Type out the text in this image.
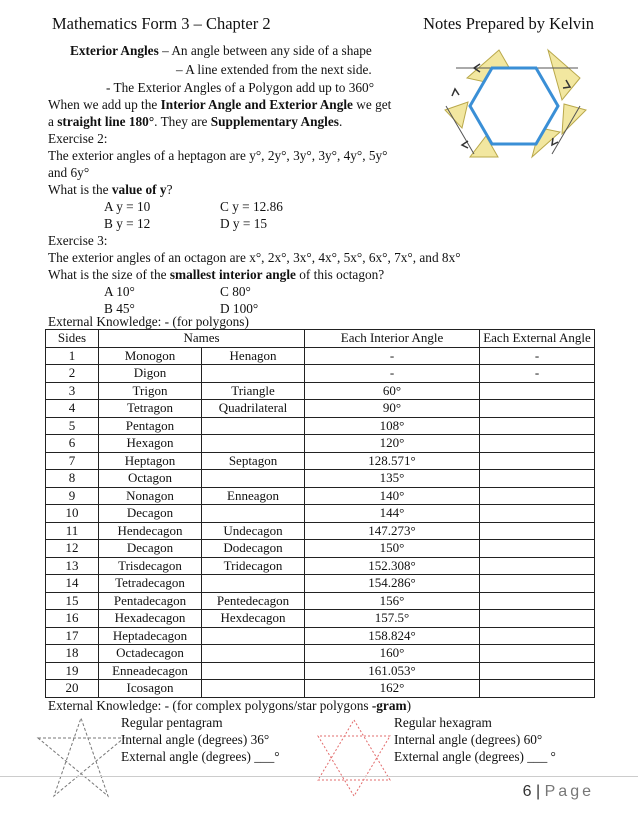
Mathematics Form 3 – Chapter 2	Notes Prepared by Kelvin
Exterior Angles – An angle between any side of a shape
– A line extended from the next side.
- The Exterior Angles of a Polygon add up to 360°
When we add up the Interior Angle and Exterior Angle we get
a straight line 180°. They are Supplementary Angles.
Exercise 2:
The exterior angles of a heptagon are y°, 2y°, 3y°, 3y°, 4y°, 5y°
and 6y°
What is the value of y?
A y = 10	C y = 12.86
B y = 12	D y = 15
Exercise 3:
The exterior angles of an octagon are x°, 2x°, 3x°, 4x°, 5x°, 6x°, 7x°, and 8x°
What is the size of the smallest interior angle of this octagon?
A 10°	C 80°
B 45°	D 100°
External Knowledge: - (for polygons)
Sides	Names		Each Interior Angle	Each External Angle
1	Monogon	Henagon	-	-
2	Digon		-	-
3	Trigon	Triangle	60°	
4	Tetragon	Quadrilateral	90°	
5	Pentagon		108°	
6	Hexagon		120°	
7	Heptagon	Septagon	128.571°	
8	Octagon		135°	
9	Nonagon	Enneagon	140°	
10	Decagon		144°	
11	Hendecagon	Undecagon	147.273°	
12	Decagon	Dodecagon	150°	
13	Trisdecagon	Tridecagon	152.308°	
14	Tetradecagon		154.286°	
15	Pentadecagon	Pentedecagon	156°	
16	Hexadecagon	Hexdecagon	157.5°	
17	Heptadecagon		158.824°	
18	Octadecagon		160°	
19	Enneadecagon		161.053°	
20	Icosagon		162°	
External Knowledge: - (for complex polygons/star polygons -gram)
Regular pentagram
Internal angle (degrees) 36°
External angle (degrees) ___°
Regular hexagram
Internal angle (degrees) 60°
External angle (degrees) ___ °
6 | Page
